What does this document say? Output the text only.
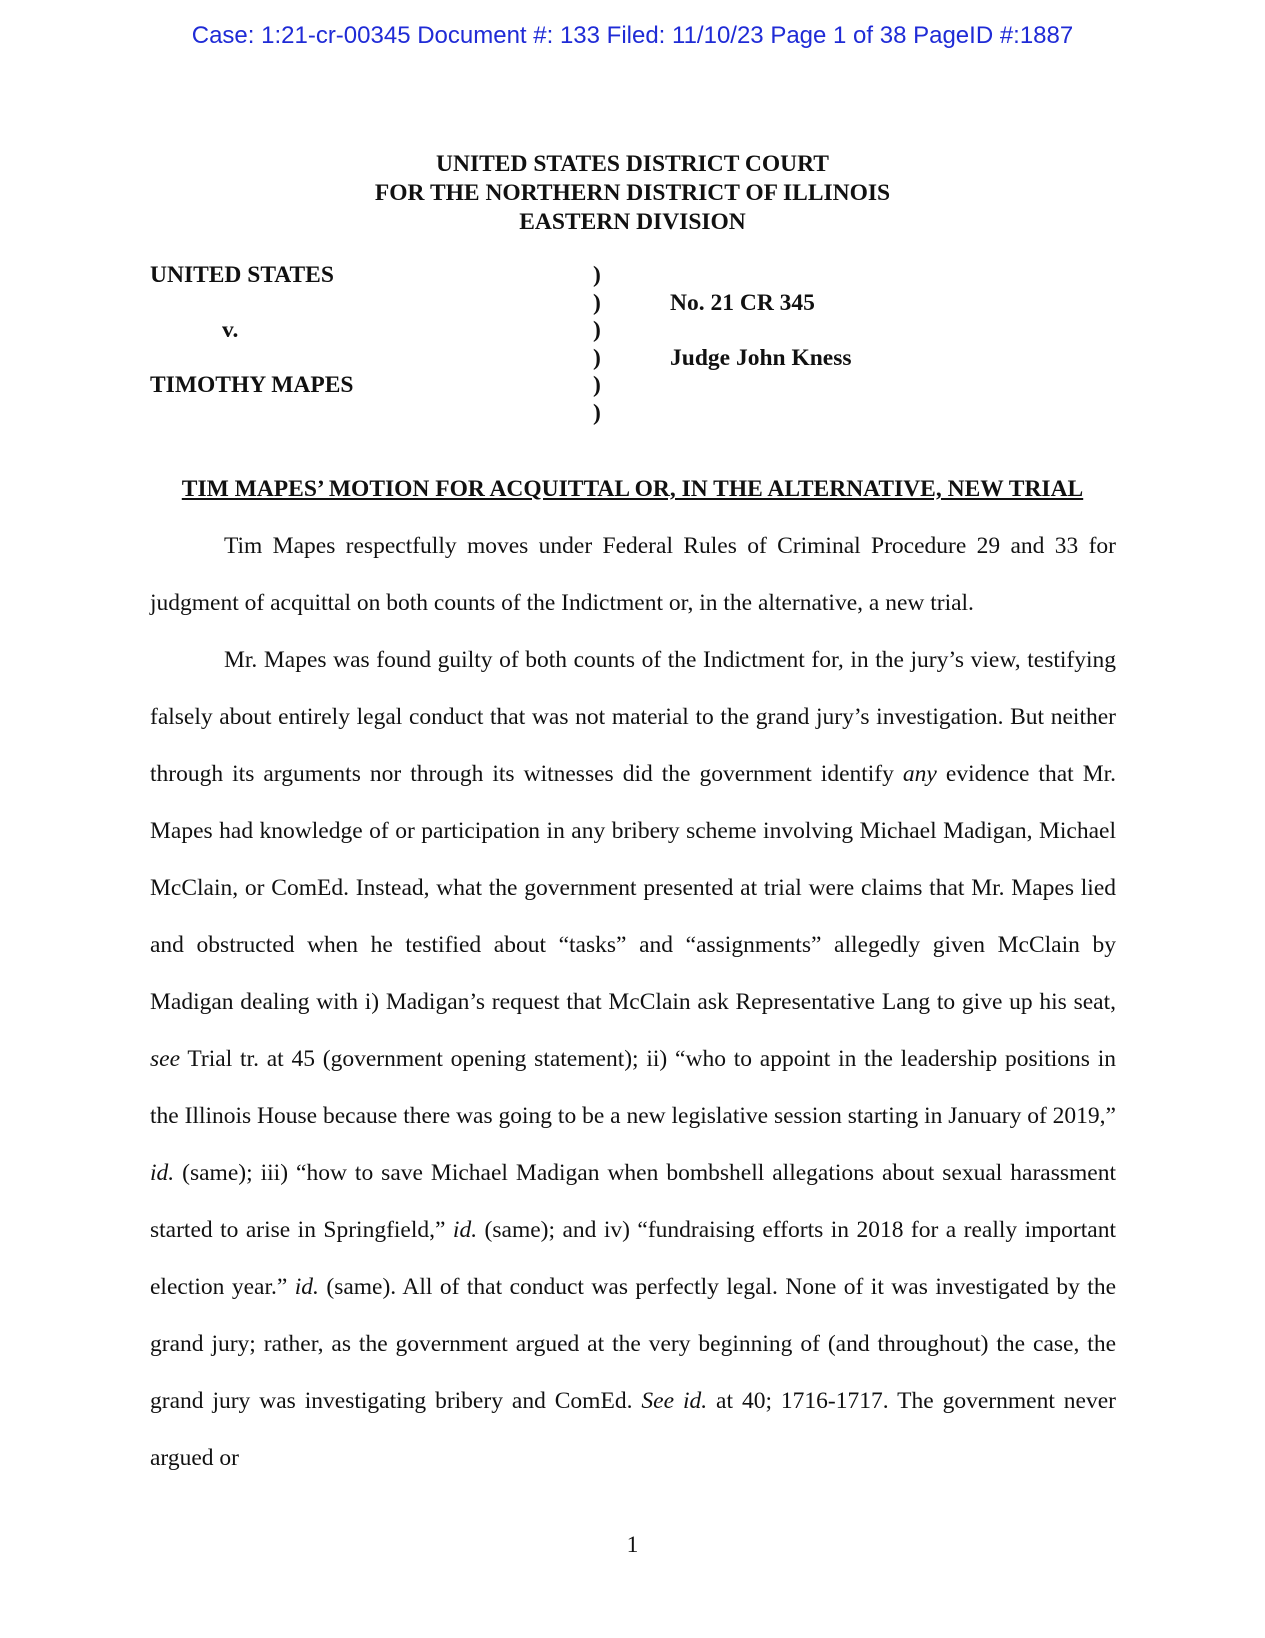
Case: 1:21-cr-00345 Document #: 133 Filed: 11/10/23 Page 1 of 38 PageID #:1887
UNITED STATES DISTRICT COURT
FOR THE NORTHERN DISTRICT OF ILLINOIS
EASTERN DIVISION
UNITED STATES
v.
TIMOTHY MAPES
)
)
)
)
)
)
No. 21 CR 345
Judge John Kness
TIM MAPES’ MOTION FOR ACQUITTAL OR, IN THE ALTERNATIVE, NEW TRIAL

Tim Mapes respectfully moves under Federal Rules of Criminal Procedure 29 and 33 for judgment of acquittal on both counts of the Indictment or, in the alternative, a new trial.

Mr. Mapes was found guilty of both counts of the Indictment for, in the jury’s view, testifying falsely about entirely legal conduct that was not material to the grand jury’s investigation. But neither through its arguments nor through its witnesses did the government identify any evidence that Mr. Mapes had knowledge of or participation in any bribery scheme involving Michael Madigan, Michael McClain, or ComEd. Instead, what the government presented at trial were claims that Mr. Mapes lied and obstructed when he testified about “tasks” and “assignments” allegedly given McClain by Madigan dealing with i) Madigan’s request that McClain ask Representative Lang to give up his seat, see Trial tr. at 45 (government opening statement); ii) “who to appoint in the leadership positions in the Illinois House because there was going to be a new legislative session starting in January of 2019,” id. (same); iii) “how to save Michael Madigan when bombshell allegations about sexual harassment started to arise in Springfield,” id. (same); and iv) “fundraising efforts in 2018 for a really important election year.” id. (same). All of that conduct was perfectly legal. None of it was investigated by the grand jury; rather, as the government argued at the very beginning of (and throughout) the case, the grand jury was investigating bribery and ComEd. See id. at 40; 1716-1717. The government never argued or

1
